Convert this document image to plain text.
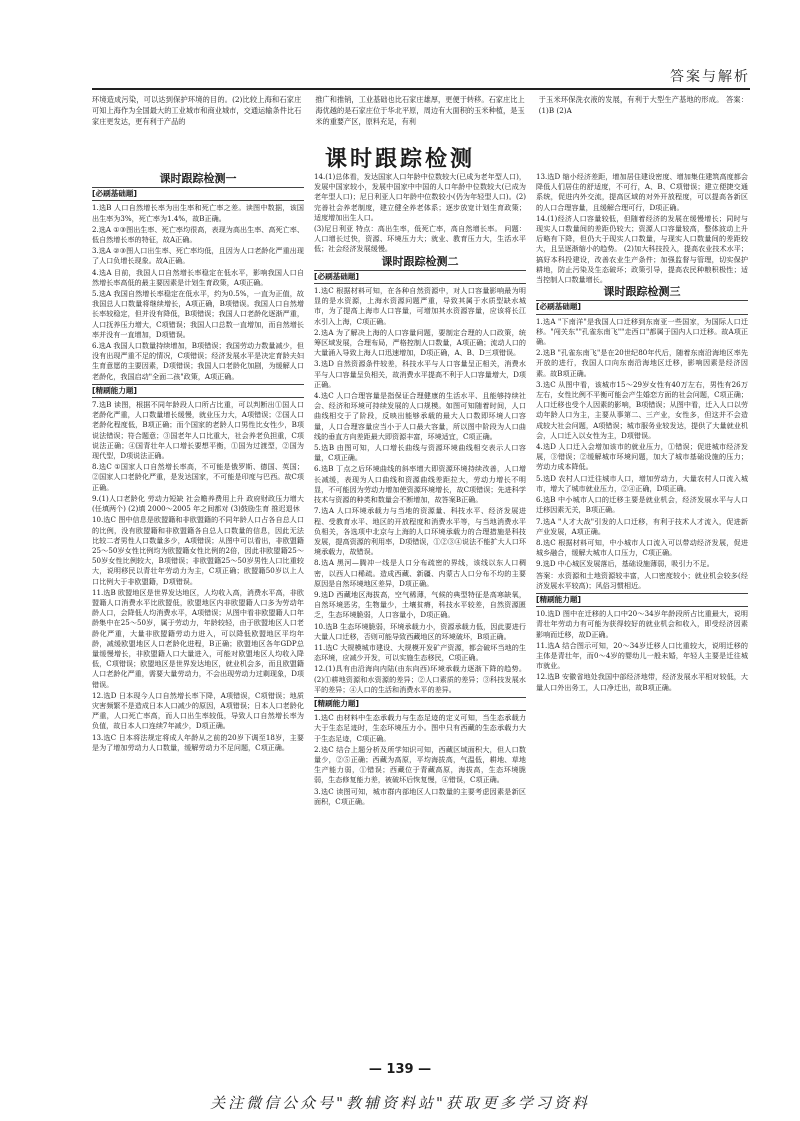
答案与解析
环境造成污染，可以达到保护环境的目的。(2)比较上海和石家庄可知上海作为全国最大的工业城市和商业城市，交通运输条件比石家庄更发达，更有利于产品的
推广和推销，工业基础也比石家庄雄厚，更便于转移。石家庄比上海优越的是石家庄位于华北平原，周边有大面积的玉米种植，是玉米的重要产区，原料充足，有利
于玉米环保洗衣液的发展，有利于大型生产基地的形成。 答案：(1)B (2)A
课时跟踪检测
课时跟踪检测一
[必刷基础题]
1.选B 人口自然增长率为出生率和死亡率之差。读图中数据，该国出生率为3%，死亡率为1.4%，故B正确。
2.选A ①③图出生率、死亡率均很高，表现为高出生率、高死亡率、低自然增长率的特征，故A正确。
3.选A ②③图人口出生率、死亡率均低，且因为人口老龄化严重出现了人口负增长现象。故A正确。
4.选A 目前，我国人口自然增长率稳定在低水平，影响我国人口自然增长率高低的最主要因素是计划生育政策，A项正确。
5.选A 我国自然增长率稳定在低水平，约为0.5%，一直为正值，故我国总人口数量将继续增长，A项正确，B项错误。我国人口自然增长率较稳定，但并没有降低，B项错误；我国人口老龄化逐渐严重，人口抚养压力增大，C项错误；我国人口总数一直增加，而自然增长率并没有一直增加，D项错误。
6.选A 我国人口数量持续增加，B项错误；我国劳动力数量减少，但没有出现严重不足的情况，C项错误；经济发展水平是决定育龄夫妇生育意愿的主要因素，D项错误；我国人口老龄化加剧，为缓解人口老龄化，我国启动"全面二孩"政策，A项正确。
[精刷能力题]
7.选B 读图，根据不同年龄段人口所占比重，可以判断出①国人口老龄化严重，人口数量增长缓慢，就业压力大，A项错误；②国人口老龄化程度低，B项正确；而个国家的老龄人口男性比女性少，B项说法错误；符合题意；③国老年人口比重大，社会养老负担重，C项说法正确；④国青壮年人口增长要想平衡，①国为过渡型，②国为现代型，D项说法正确。
8.选C ①国家人口自然增长率高，不可能是俄罗斯、德国、英国；②国家人口老龄化严重，是发达国家，不可能是印度与巴西。故C项正确。
9.(1)人口老龄化 劳动力短缺 社会赡养费用上升 政府财政压力增大(任填两个) (2)填 2000～2005 年之间都对 (3)鼓励生育 推迟退休
10.选C 图中信息是欧盟籍和非欧盟籍的不同年龄人口占各自总人口的比例，没有欧盟籍和非欧盟籍各自总人口数量的信息，因此无法比较二者男性人口数量多少，A项错误；从图中可以看出，非欧盟籍25～50岁女性比例均为欧盟籍女性比例的2倍，因此非欧盟籍25～50岁女性比例较大，B项错误；非欧盟籍25～50岁男性人口比重较大，说明移民以青壮年劳动力为主，C项正确；欧盟籍50岁以上人口比例大于非欧盟籍，D项错误。
11.选B 欧盟地区是世界发达地区，人均收入高，消费水平高，非欧盟籍人口消费水平比欧盟低，欧盟地区内非欧盟籍人口多为劳动年龄人口，会降低人均消费水平，A项错误；从图中看非欧盟籍人口年龄集中在25～50岁，属于劳动力，年龄较轻，由于欧盟地区人口老龄化严重，大量非欧盟籍劳动力进入，可以降低欧盟地区平均年龄，减缓欧盟地区人口老龄化进程，B正确；欧盟地区各年GDP总量缓慢增长，非欧盟籍人口大量进入，可能对欧盟地区人均收入降低，C项错误；欧盟地区是世界发达地区，就业机会多，而且欧盟籍人口老龄化严重，需要大量劳动力，不会出现劳动力过剩现象，D项错误。
12.选D 日本现今人口自然增长率下降，A项错误，C项错误；地质灾害频繁不是造成日本人口减少的原因，A项错误；日本人口老龄化严重，人口死亡率高，而人口出生率较低，导致人口自然增长率为负值，故日本人口连续7年减少，D项正确。
13.选C 日本将法规定将成人年龄从之前的20岁下调至18岁，主要是为了增加劳动力人口数量，缓解劳动力不足问题，C项正确。
14.(1)总体看，发达国家人口年龄中位数较大(已成为老年型人口)，发展中国家较小，发展中国家中中国的人口年龄中位数较大(已成为老年型人口)；尼日利亚人口年龄中位数较小(仍为年轻型人口)。(2)完善社会养老制度，建立健全养老体系；逐步放宽计划生育政策；适度增加出生人口。
(3)尼日利亚 特点：高出生率，低死亡率，高自然增长率。 问题：人口增长过快，资源、环境压力大；就业、教育压力大，生活水平低；社会经济发展缓慢。
课时跟踪检测二
[必刷基础题]
1.选C 根据材料可知，在各种自然资源中，对人口容量影响最为明显的是水资源，上海水资源问题严重，导致其属于水质型缺水城市，为了提高上海市人口容量，可增加其水资源容量，应该将长江水引入上海，C项正确。
2.选A 为了解决上海的人口容量问题，要制定合理的人口政策，统筹区域发展，合理布局，严格控制人口数量，A项正确；流动人口的大量涌入导致上海人口迅速增加，D项正确，A、B、D三项错误。
3.选D 自然资源条件较差，科技水平与人口容量呈正相关，消费水平与人口容量呈负相关，故消费水平提高不利于人口容量增大，D项正确。
4.选C 人口合理容量是指保证合理健康的生活水平、且能够持续社会、经济和环境可持续发展的人口规模。如图可知随着时间，人口曲线相交于了阶段，反映出能够承载的最大人口数即环境人口容量，人口合理容量应当小于人口最大容量，所以图中阶段为人口曲线的垂直方向差距最大即资源丰富，环境适宜，C项正确。
5.选B 由图可知，人口增长曲线与资源环境曲线相交表示人口容量，C项正确。
6.选B 丁点之后环境曲线的斜率增大即资源环境持续改善，人口增长减缓，表现为人口曲线和资源曲线差距拉大，劳动力增长不明显，不可能因为劳动力增加使资源环境增长，故C项错误；先进科学技术与资源的种类和数量会不断增加，故答案B正确。
7.选A 人口环境承载力与当地的资源量、科技水平、经济发展进程、受教育水平、地区的开放程度和消费水平等，与当地消费水平负相关，各选项中北京与上海的人口环境承载力的合理措施是科技发展，提高资源的利用率，D项错误，①②③④说法不能扩大人口环境承载力，故错误。
8.选A 黑河—腾冲一线是人口分布疏密的界线，该线以东人口稠密，以西人口稀疏。造成西藏、新疆、内蒙古人口分布不均的主要原因是自然环境地区差异，D项正确。
9.选D 西藏地区海拔高，空气稀薄，气候的典型特征是高寒缺氧，自然环境恶劣，生物量少，土壤贫瘠，科技水平较差，自然资源匮乏，生态环境脆弱，人口容量小，D项正确。
10.选B 生态环境脆弱，环境承载力小，资源承载力低，因此要进行大量人口迁移，否则可能导致西藏地区的环境破坏，B项正确。
11.选C 大规模城市建设、大规模开发矿产资源，都会破坏当地的生态环境，应减少开发，可以实施生态移民，C项正确。
12.(1)具有由沿海向内陆(由东向西)环境承载力逐渐下降的趋势。 (2)①耕地资源和水资源的差异；②人口素质的差异；③科技发展水平的差异；④人口的生活和消费水平的差异。
[精刷能力题]
1.选C 由材料中生态承载力与生态足迹的定义可知，当生态承载力大于生态足迹时，生态环境压力小。图中只有西藏的生态承载力大于生态足迹，C项正确。
2.选C 结合上题分析及所学知识可知，西藏区域面积大，但人口数量少，②⑤正确；西藏为高原，平均海拔高，气温低，耕地、草地生产能力弱，①错误；西藏位于青藏高原，海拔高，生态环境脆弱，生态修复能力差，被破坏后恢复慢，④错误，C项正确。
3.选C 读图可知，城市群内部地区人口数量的主要考虑因素是新区面积，C项正确。
13.选D 缩小经济差距，增加居住建设密度、增加集住建筑高度都会降低人们居住的舒适度，不可行，A、B、C项错误；建立便捷交通系统，促进内外交流，提高区域的对外开放程度，可以提高各新区的人口合理容量，且缓解合理可行，D项正确。
14.(1)经济人口容量较低，但随着经济的发展在缓慢增长；同时与现实人口数量间的差距仍较大；资源人口容量较高，整体波动上升后略有下降，但仍大于现实人口数量，与现实人口数量间的差距较大，且呈逐渐缩小的趋势。 (2)加大科技投入，提高农业技术水平；搞好本科投建设，改善农业生产条件；加强监督与管理，切实保护耕地，防止污染及生态破坏；政策引导，提高农民种粮积极性；适当控制人口数量增长。
课时跟踪检测三
[必刷基础题]
1.选A "下南洋"是我国人口迁移到东南亚一些国家，为国际人口迁移。"闯关东""孔雀东南飞""走西口"都属于国内人口迁移。故A项正确。
2.选B "孔雀东南飞"是在20世纪80年代后，随着东南沿海地区率先开放的进行，我国人口向东南沿海地区迁移，影响因素是经济因素。故B项正确。
3.选C 从图中看，该城市15～29岁女性有40万左右，男性有26万左右，女性比例不平衡可能会产生婚恋方面的社会问题，C项正确；人口迁移也受个人因素的影响，B项错误；从图中看，迁入人口以劳动年龄人口为主，主要从事第二、三产业，女性多，但这并不会造成较大社会问题，A项错误；城市服务业较发达，提供了大量就业机会，人口迁入以女性为主，D项错误。
4.选D 人口迁入会增加该市的就业压力，①错误；促进城市经济发展，③错误；②缓解城市环境问题，加大了城市基础设施的压力；劳动力成本降低。
5.选D 农村人口迁往城市人口，增加劳动力，大量农村人口流入城市，增大了城市就业压力，②④正确，D项正确。
6.选B 中小城市人口的迁移主要是就业机会，经济发展水平与人口迁移因素无关，B项正确。
7.选A "人才大战"引发的人口迁移，有利于技术人才流入，促进新产业发展，A项正确。
8.选C 根据材料可知，中小城市人口流入可以带动经济发展，促进城乡融合，缓解大城市人口压力，C项正确。
9.选D 中心城区发展落后，基础设施薄弱，吸引力不足。
答案：水资源和土地资源较丰富，人口密度较小；就业机会较多(经济发展水平较高)；风俗习惯相近。
[精刷能力题]
10.选D 图中在迁移的人口中20～34岁年龄段所占比重最大，说明青壮年劳动力有可能为获得较好的就业机会和收入，即受经济因素影响而迁移，故D正确。
11.选A 结合图示可知，20～34岁迁移人口比重较大，说明迁移的主体是青壮年，而0～4岁的婴幼儿一般未婚，年轻人主要是迁往城市就业。
12.选B 安徽省地处我国中部经济地带，经济发展水平相对较低，大量人口外出务工，人口净迁出，故B项正确。
— 139 —
关注微信公众号"教辅资料站"获取更多学习资料
